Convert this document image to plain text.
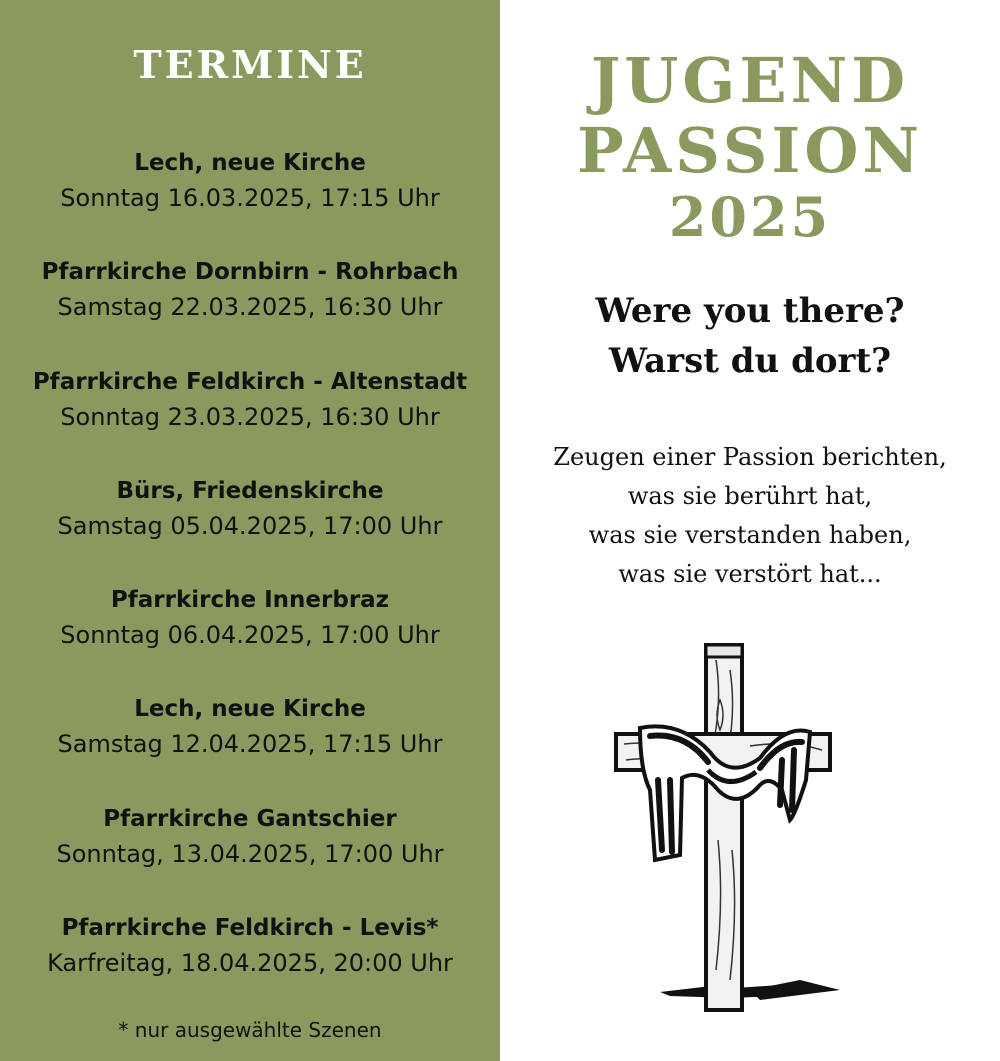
TERMINE
Lech, neue Kirche
Sonntag 16.03.2025, 17:15 Uhr
Pfarrkirche Dornbirn - Rohrbach
Samstag 22.03.2025, 16:30 Uhr
Pfarrkirche Feldkirch - Altenstadt
Sonntag 23.03.2025, 16:30 Uhr
Bürs, Friedenskirche
Samstag 05.04.2025, 17:00 Uhr
Pfarrkirche Innerbraz
Sonntag 06.04.2025, 17:00 Uhr
Lech, neue Kirche
Samstag 12.04.2025, 17:15 Uhr
Pfarrkirche Gantschier
Sonntag, 13.04.2025, 17:00 Uhr
Pfarrkirche Feldkirch - Levis*
Karfreitag, 18.04.2025, 20:00 Uhr
* nur ausgewählte Szenen
JUGEND
PASSION
2025
Were you there?
Warst du dort?
Zeugen einer Passion berichten,
was sie berührt hat,
was sie verstanden haben,
was sie verstört hat...
